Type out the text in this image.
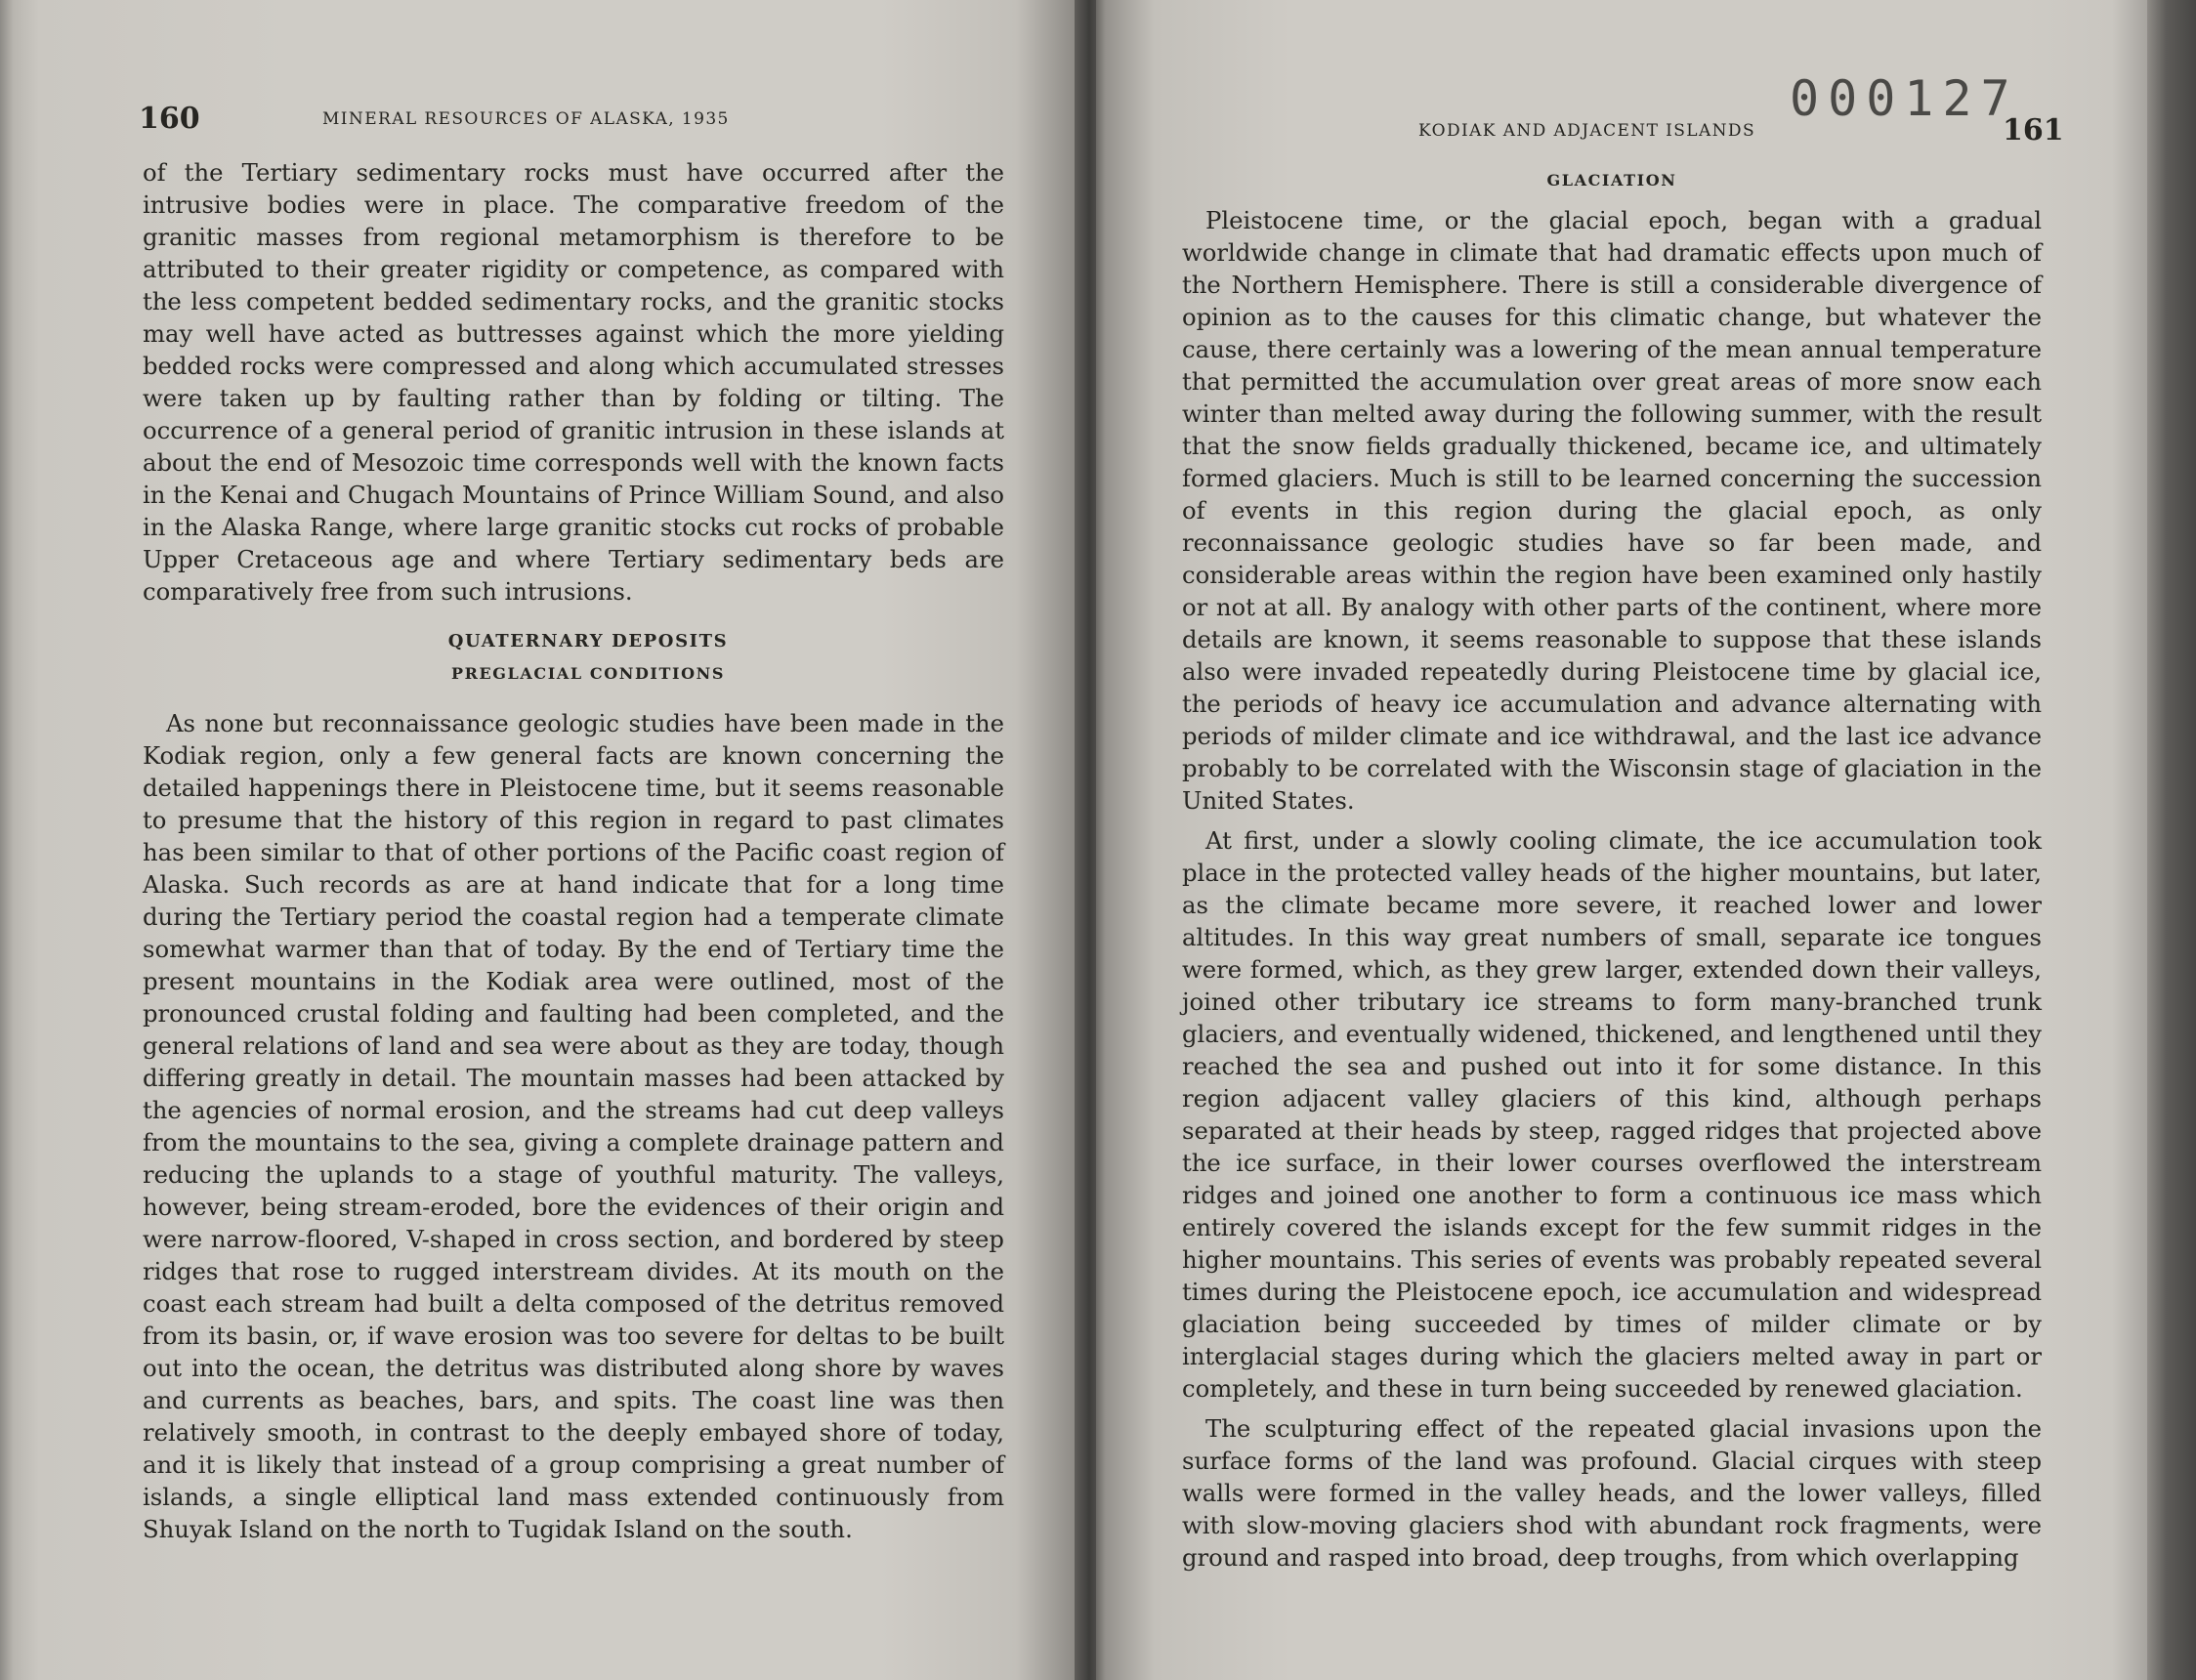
160	MINERAL RESOURCES OF ALASKA, 1935

of the Tertiary sedimentary rocks must have occurred after the intrusive bodies were in place. The comparative freedom of the granitic masses from regional metamorphism is therefore to be attributed to their greater rigidity or competence, as compared with the less competent bedded sedimentary rocks, and the granitic stocks may well have acted as buttresses against which the more yielding bedded rocks were compressed and along which accumulated stresses were taken up by faulting rather than by folding or tilting. The occurrence of a general period of granitic intrusion in these islands at about the end of Mesozoic time corresponds well with the known facts in the Kenai and Chugach Mountains of Prince William Sound, and also in the Alaska Range, where large granitic stocks cut rocks of probable Upper Cretaceous age and where Tertiary sedimentary beds are comparatively free from such intrusions.

QUATERNARY DEPOSITS
PREGLACIAL CONDITIONS

As none but reconnaissance geologic studies have been made in the Kodiak region, only a few general facts are known concerning the detailed happenings there in Pleistocene time, but it seems reasonable to presume that the history of this region in regard to past climates has been similar to that of other portions of the Pacific coast region of Alaska. Such records as are at hand indicate that for a long time during the Tertiary period the coastal region had a temperate climate somewhat warmer than that of today. By the end of Tertiary time the present mountains in the Kodiak area were outlined, most of the pronounced crustal folding and faulting had been completed, and the general relations of land and sea were about as they are today, though differing greatly in detail. The mountain masses had been attacked by the agencies of normal erosion, and the streams had cut deep valleys from the mountains to the sea, giving a complete drainage pattern and reducing the uplands to a stage of youthful maturity. The valleys, however, being stream-eroded, bore the evidences of their origin and were narrow-floored, V-shaped in cross section, and bordered by steep ridges that rose to rugged interstream divides. At its mouth on the coast each stream had built a delta composed of the detritus removed from its basin, or, if wave erosion was too severe for deltas to be built out into the ocean, the detritus was distributed along shore by waves and currents as beaches, bars, and spits. The coast line was then relatively smooth, in contrast to the deeply embayed shore of today, and it is likely that instead of a group comprising a great number of islands, a single elliptical land mass extended continuously from Shuyak Island on the north to Tugidak Island on the south.

000127
KODIAK AND ADJACENT ISLANDS	161
GLACIATION

Pleistocene time, or the glacial epoch, began with a gradual worldwide change in climate that had dramatic effects upon much of the Northern Hemisphere. There is still a considerable divergence of opinion as to the causes for this climatic change, but whatever the cause, there certainly was a lowering of the mean annual temperature that permitted the accumulation over great areas of more snow each winter than melted away during the following summer, with the result that the snow fields gradually thickened, became ice, and ultimately formed glaciers. Much is still to be learned concerning the succession of events in this region during the glacial epoch, as only reconnaissance geologic studies have so far been made, and considerable areas within the region have been examined only hastily or not at all. By analogy with other parts of the continent, where more details are known, it seems reasonable to suppose that these islands also were invaded repeatedly during Pleistocene time by glacial ice, the periods of heavy ice accumulation and advance alternating with periods of milder climate and ice withdrawal, and the last ice advance probably to be correlated with the Wisconsin stage of glaciation in the United States.

At first, under a slowly cooling climate, the ice accumulation took place in the protected valley heads of the higher mountains, but later, as the climate became more severe, it reached lower and lower altitudes. In this way great numbers of small, separate ice tongues were formed, which, as they grew larger, extended down their valleys, joined other tributary ice streams to form many-branched trunk glaciers, and eventually widened, thickened, and lengthened until they reached the sea and pushed out into it for some distance. In this region adjacent valley glaciers of this kind, although perhaps separated at their heads by steep, ragged ridges that projected above the ice surface, in their lower courses overflowed the interstream ridges and joined one another to form a continuous ice mass which entirely covered the islands except for the few summit ridges in the higher mountains. This series of events was probably repeated several times during the Pleistocene epoch, ice accumulation and widespread glaciation being succeeded by times of milder climate or by interglacial stages during which the glaciers melted away in part or completely, and these in turn being succeeded by renewed glaciation.

The sculpturing effect of the repeated glacial invasions upon the surface forms of the land was profound. Glacial cirques with steep walls were formed in the valley heads, and the lower valleys, filled with slow-moving glaciers shod with abundant rock fragments, were ground and rasped into broad, deep troughs, from which overlapping
